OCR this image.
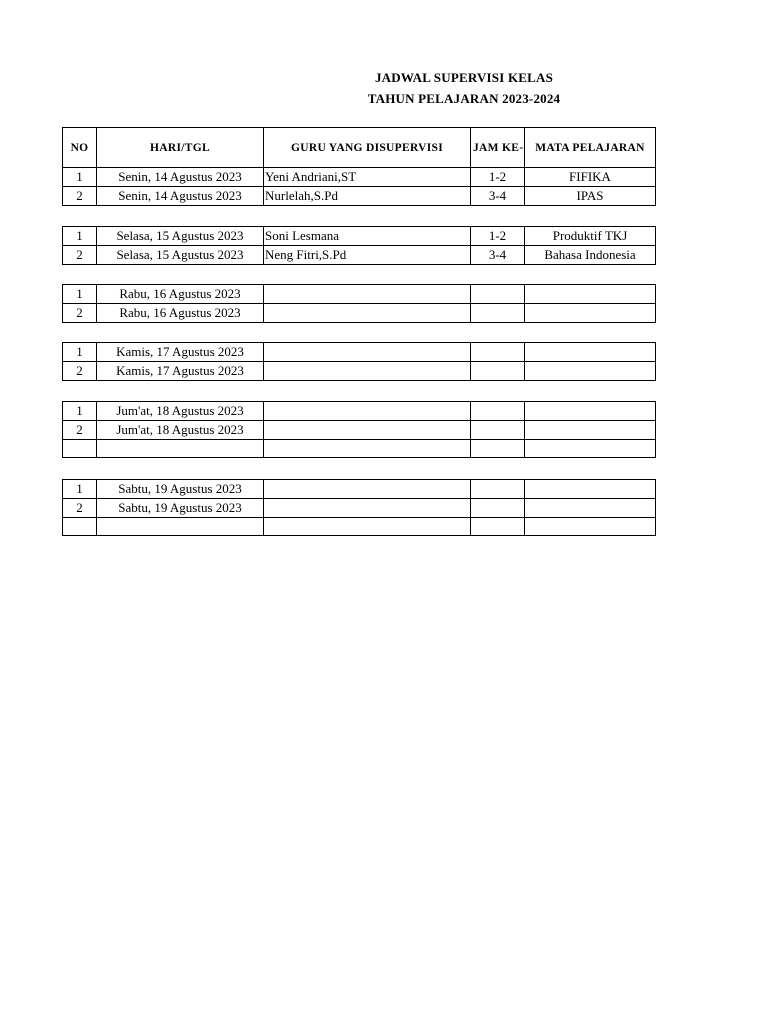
JADWAL SUPERVISI KELAS
TAHUN PELAJARAN 2023-2024
NO	HARI/TGL	GURU YANG DISUPERVISI	JAM KE-	MATA PELAJARAN
1	Senin, 14 Agustus 2023	Yeni Andriani,ST	1-2	FIFIKA
2	Senin, 14 Agustus 2023	Nurlelah,S.Pd	3-4	IPAS
1	Selasa, 15 Agustus 2023	Soni Lesmana	1-2	Produktif TKJ
2	Selasa, 15 Agustus 2023	Neng Fitri,S.Pd	3-4	Bahasa Indonesia
1	Rabu, 16 Agustus 2023			
2	Rabu, 16 Agustus 2023			
1	Kamis, 17 Agustus 2023			
2	Kamis, 17 Agustus 2023			
1	Jum'at, 18 Agustus 2023			
2	Jum'at, 18 Agustus 2023			

1	Sabtu, 19 Agustus 2023			
2	Sabtu, 19 Agustus 2023			
